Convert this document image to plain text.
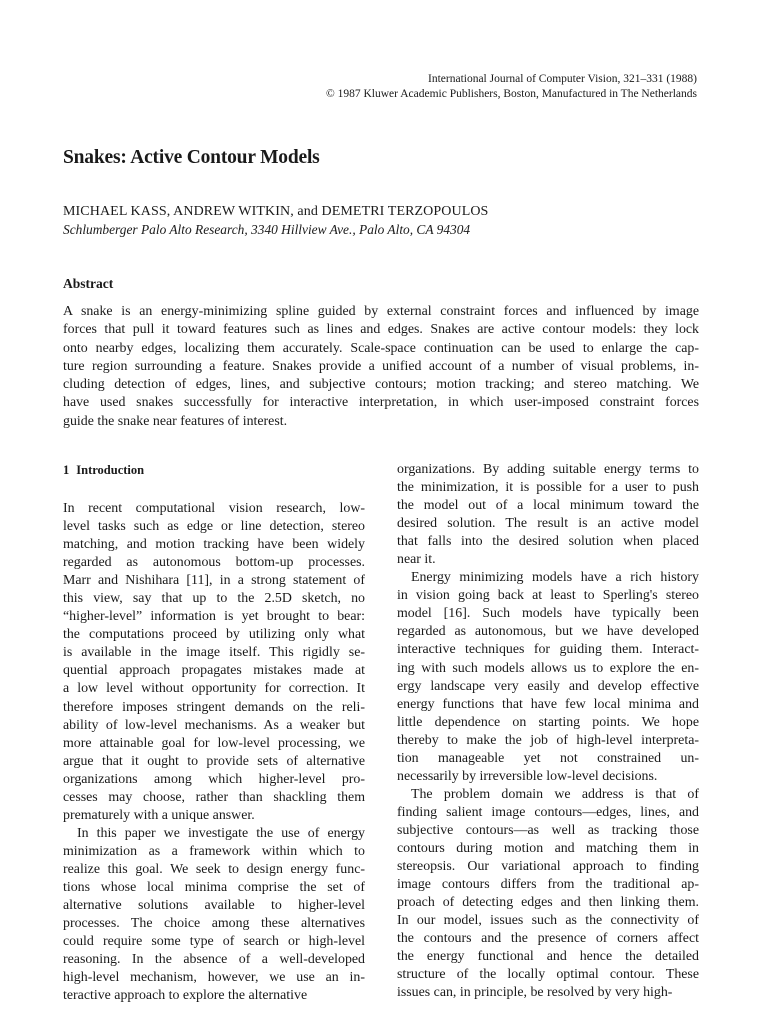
International Journal of Computer Vision, 321–331 (1988)
© 1987 Kluwer Academic Publishers, Boston, Manufactured in The Netherlands
Snakes: Active Contour Models
MICHAEL KASS, ANDREW WITKIN, and DEMETRI TERZOPOULOS
Schlumberger Palo Alto Research, 3340 Hillview Ave., Palo Alto, CA 94304
Abstract
A snake is an energy-minimizing spline guided by external constraint forces and influenced by image
forces that pull it toward features such as lines and edges. Snakes are active contour models: they lock
onto nearby edges, localizing them accurately. Scale-space continuation can be used to enlarge the cap-
ture region surrounding a feature. Snakes provide a unified account of a number of visual problems, in-
cluding detection of edges, lines, and subjective contours; motion tracking; and stereo matching. We
have used snakes successfully for interactive interpretation, in which user-imposed constraint forces
guide the snake near features of interest.
1 Introduction
In recent computational vision research, low-
level tasks such as edge or line detection, stereo
matching, and motion tracking have been widely
regarded as autonomous bottom-up processes.
Marr and Nishihara [11], in a strong statement of
this view, say that up to the 2.5D sketch, no
“higher-level” information is yet brought to bear:
the computations proceed by utilizing only what
is available in the image itself. This rigidly se-
quential approach propagates mistakes made at
a low level without opportunity for correction. It
therefore imposes stringent demands on the reli-
ability of low-level mechanisms. As a weaker but
more attainable goal for low-level processing, we
argue that it ought to provide sets of alternative
organizations among which higher-level pro-
cesses may choose, rather than shackling them
prematurely with a unique answer.
In this paper we investigate the use of energy
minimization as a framework within which to
realize this goal. We seek to design energy func-
tions whose local minima comprise the set of
alternative solutions available to higher-level
processes. The choice among these alternatives
could require some type of search or high-level
reasoning. In the absence of a well-developed
high-level mechanism, however, we use an in-
teractive approach to explore the alternative
organizations. By adding suitable energy terms to
the minimization, it is possible for a user to push
the model out of a local minimum toward the
desired solution. The result is an active model
that falls into the desired solution when placed
near it.
Energy minimizing models have a rich history
in vision going back at least to Sperling's stereo
model [16]. Such models have typically been
regarded as autonomous, but we have developed
interactive techniques for guiding them. Interact-
ing with such models allows us to explore the en-
ergy landscape very easily and develop effective
energy functions that have few local minima and
little dependence on starting points. We hope
thereby to make the job of high-level interpreta-
tion manageable yet not constrained un-
necessarily by irreversible low-level decisions.
The problem domain we address is that of
finding salient image contours—edges, lines, and
subjective contours—as well as tracking those
contours during motion and matching them in
stereopsis. Our variational approach to finding
image contours differs from the traditional ap-
proach of detecting edges and then linking them.
In our model, issues such as the connectivity of
the contours and the presence of corners affect
the energy functional and hence the detailed
structure of the locally optimal contour. These
issues can, in principle, be resolved by very high-
